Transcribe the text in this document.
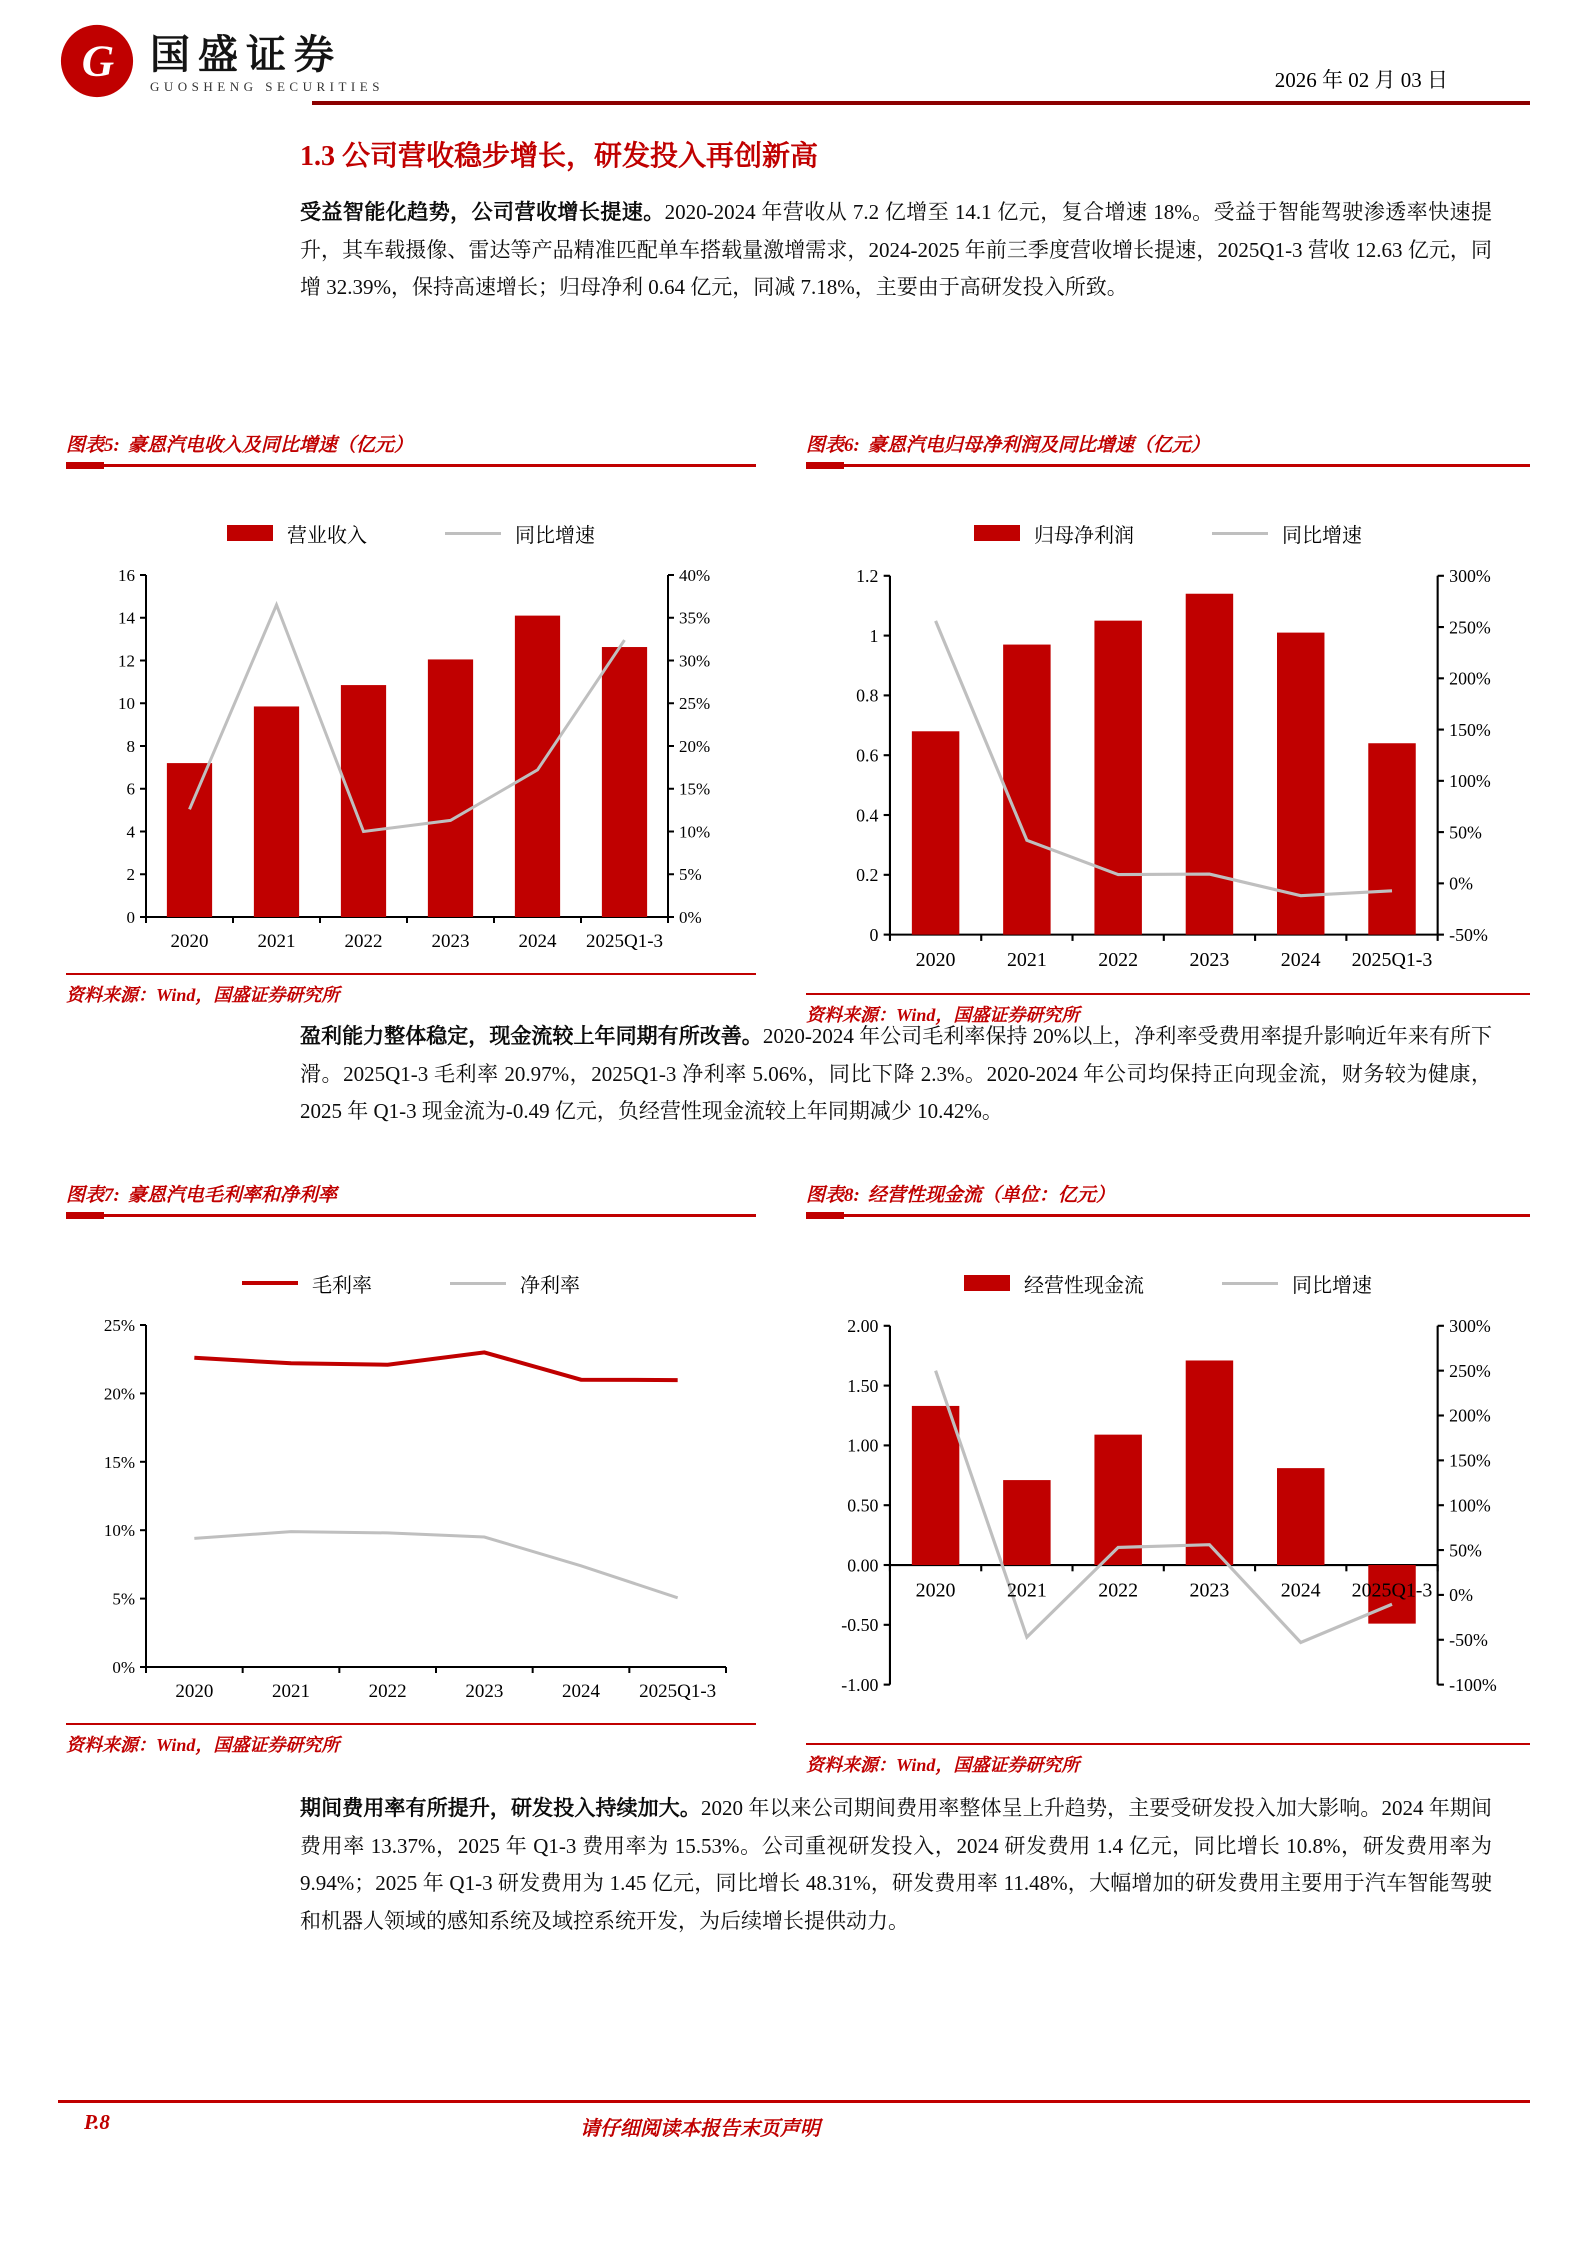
G 国盛证券
GUOSHENG SECURITIES	2026 年 02 月 03 日
1.3 公司营收稳步增长，研发投入再创新高
受益智能化趋势，公司营收增长提速。2020-2024 年营收从 7.2 亿增至 14.1 亿元，复合增速 18%。受益于智能驾驶渗透率快速提升，其车载摄像、雷达等产品精准匹配单车搭载量激增需求，2024-2025 年前三季度营收增长提速，2025Q1-3 营收 12.63 亿元，同增 32.39%，保持高速增长；归母净利 0.64 亿元，同减 7.18%，主要由于高研发投入所致。
图表5: 豪恩汽电收入及同比增速（亿元）
营业收入	同比增速
0
2
4
6
8
10
12
14
16
0%
5%
10%
15%
20%
25%
30%
35%
40%
2020	2021	2022	2023	2024 2025Q1-3
资料来源：Wind，国盛证券研究所
图表6: 豪恩汽电归母净利润及同比增速（亿元）
归母净利润	同比增速
0
0.2
0.4
0.6
0.8
1
1.2
-50%
0%
50%
100%
150%
200%
250%
300%
2020	2021	2022	2023	2024 2025Q1-3
资料来源：Wind，国盛证券研究所
盈利能力整体稳定，现金流较上年同期有所改善。2020-2024 年公司毛利率保持 20%以上，净利率受费用率提升影响近年来有所下滑。2025Q1-3 毛利率 20.97%，2025Q1-3 净利率 5.06%，同比下降 2.3%。2020-2024 年公司均保持正向现金流，财务较为健康，2025 年 Q1-3 现金流为-0.49 亿元，负经营性现金流较上年同期减少 10.42%。
图表7: 豪恩汽电毛利率和净利率
毛利率	净利率
0%
5%
10%
15%
20%
25%
2020	2021	2022	2023	2024 2025Q1-3
资料来源：Wind，国盛证券研究所
图表8: 经营性现金流（单位：亿元）
经营性现金流	同比增速
-1.00
-0.50
0.00
0.50
1.00
1.50
2.00
-100%
-50%
0%
50%
100%
150%
200%
250%
300%
2020	2021	2022	2023	2024 2025Q1-3
资料来源：Wind，国盛证券研究所
期间费用率有所提升，研发投入持续加大。2020 年以来公司期间费用率整体呈上升趋势，主要受研发投入加大影响。2024 年期间费用率 13.37%，2025 年 Q1-3 费用率为 15.53%。公司重视研发投入，2024 研发费用 1.4 亿元，同比增长 10.8%，研发费用率为 9.94%；2025 年 Q1-3 研发费用为 1.45 亿元，同比增长 48.31%，研发费用率 11.48%，大幅增加的研发费用主要用于汽车智能驾驶和机器人领域的感知系统及域控系统开发，为后续增长提供动力。
P.8	请仔细阅读本报告末页声明
